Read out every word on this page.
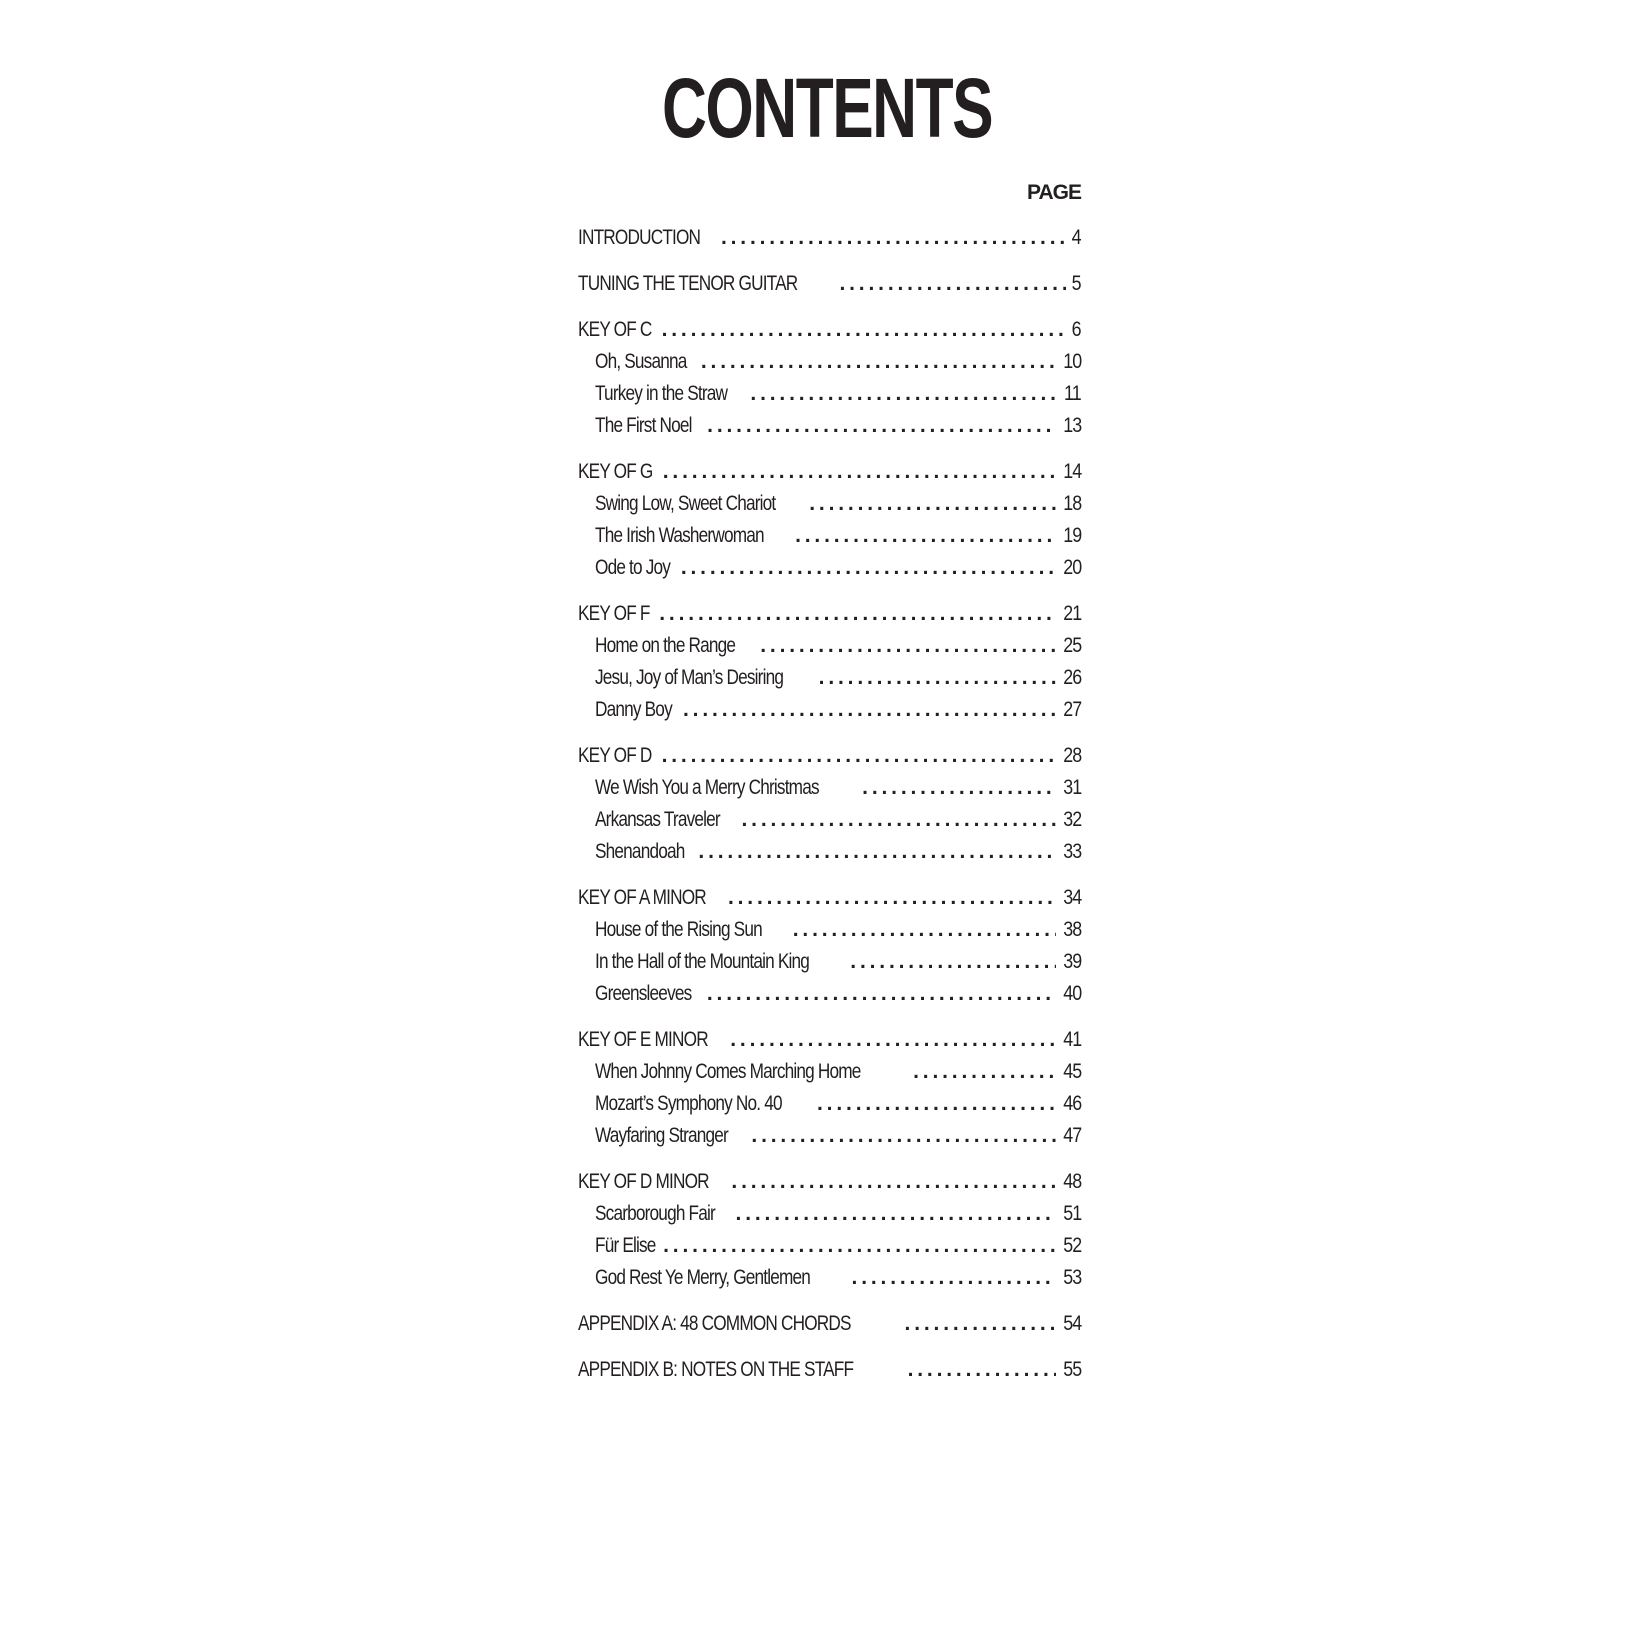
CONTENTS
PAGE
INTRODUCTION . . .	4
TUNING THE TENOR GUITAR . . .	5
KEY OF C . . .	6
Oh, Susanna . . .	10
Turkey in the Straw . . .	11
The First Noel . . .	13
KEY OF G . . .	14
Swing Low, Sweet Chariot . . .	18
The Irish Washerwoman . . .	19
Ode to Joy . . .	20
KEY OF F . . .	21
Home on the Range . . .	25
Jesu, Joy of Man’s Desiring . . .	26
Danny Boy . . .	27
KEY OF D . . .	28
We Wish You a Merry Christmas . . .	31
Arkansas Traveler . . .	32
Shenandoah . . .	33
KEY OF A MINOR . . .	34
House of the Rising Sun . . .	38
In the Hall of the Mountain King . . .	39
Greensleeves . . .	40
KEY OF E MINOR . . .	41
When Johnny Comes Marching Home . . .	45
Mozart’s Symphony No. 40 . . .	46
Wayfaring Stranger . . .	47
KEY OF D MINOR . . .	48
Scarborough Fair . . .	51
Für Elise . . .	52
God Rest Ye Merry, Gentlemen . . .	53
APPENDIX A: 48 COMMON CHORDS . . .	54
APPENDIX B: NOTES ON THE STAFF . . .	55
